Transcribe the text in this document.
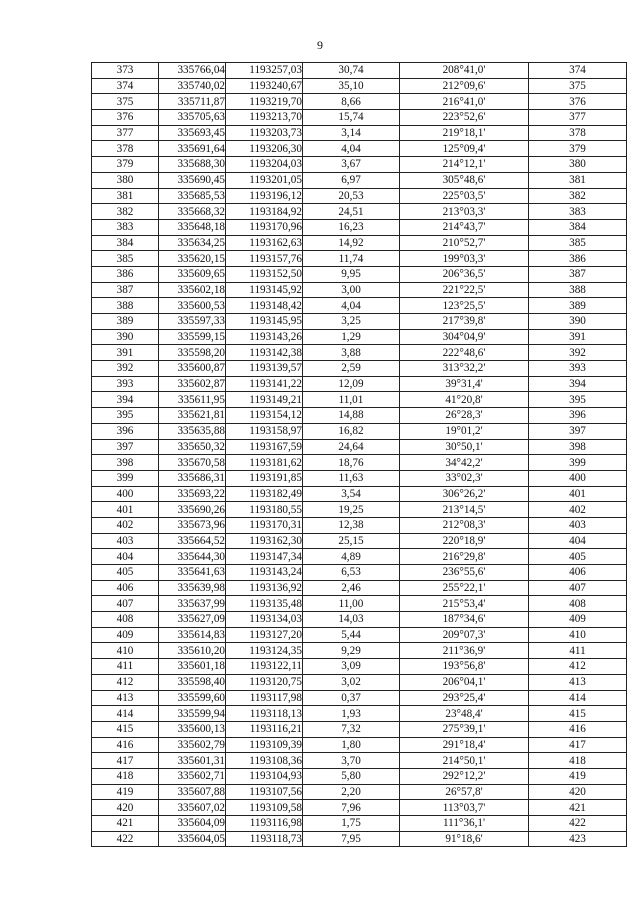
9
373	335766,04	1193257,03	30,74	208°41,0'	374
374	335740,02	1193240,67	35,10	212°09,6'	375
375	335711,87	1193219,70	8,66	216°41,0'	376
376	335705,63	1193213,70	15,74	223°52,6'	377
377	335693,45	1193203,73	3,14	219°18,1'	378
378	335691,64	1193206,30	4,04	125°09,4'	379
379	335688,30	1193204,03	3,67	214°12,1'	380
380	335690,45	1193201,05	6,97	305°48,6'	381
381	335685,53	1193196,12	20,53	225°03,5'	382
382	335668,32	1193184,92	24,51	213°03,3'	383
383	335648,18	1193170,96	16,23	214°43,7'	384
384	335634,25	1193162,63	14,92	210°52,7'	385
385	335620,15	1193157,76	11,74	199°03,3'	386
386	335609,65	1193152,50	9,95	206°36,5'	387
387	335602,18	1193145,92	3,00	221°22,5'	388
388	335600,53	1193148,42	4,04	123°25,5'	389
389	335597,33	1193145,95	3,25	217°39,8'	390
390	335599,15	1193143,26	1,29	304°04,9'	391
391	335598,20	1193142,38	3,88	222°48,6'	392
392	335600,87	1193139,57	2,59	313°32,2'	393
393	335602,87	1193141,22	12,09	39°31,4'	394
394	335611,95	1193149,21	11,01	41°20,8'	395
395	335621,81	1193154,12	14,88	26°28,3'	396
396	335635,88	1193158,97	16,82	19°01,2'	397
397	335650,32	1193167,59	24,64	30°50,1'	398
398	335670,58	1193181,62	18,76	34°42,2'	399
399	335686,31	1193191,85	11,63	33°02,3'	400
400	335693,22	1193182,49	3,54	306°26,2'	401
401	335690,26	1193180,55	19,25	213°14,5'	402
402	335673,96	1193170,31	12,38	212°08,3'	403
403	335664,52	1193162,30	25,15	220°18,9'	404
404	335644,30	1193147,34	4,89	216°29,8'	405
405	335641,63	1193143,24	6,53	236°55,6'	406
406	335639,98	1193136,92	2,46	255°22,1'	407
407	335637,99	1193135,48	11,00	215°53,4'	408
408	335627,09	1193134,03	14,03	187°34,6'	409
409	335614,83	1193127,20	5,44	209°07,3'	410
410	335610,20	1193124,35	9,29	211°36,9'	411
411	335601,18	1193122,11	3,09	193°56,8'	412
412	335598,40	1193120,75	3,02	206°04,1'	413
413	335599,60	1193117,98	0,37	293°25,4'	414
414	335599,94	1193118,13	1,93	23°48,4'	415
415	335600,13	1193116,21	7,32	275°39,1'	416
416	335602,79	1193109,39	1,80	291°18,4'	417
417	335601,31	1193108,36	3,70	214°50,1'	418
418	335602,71	1193104,93	5,80	292°12,2'	419
419	335607,88	1193107,56	2,20	26°57,8'	420
420	335607,02	1193109,58	7,96	113°03,7'	421
421	335604,09	1193116,98	1,75	111°36,1'	422
422	335604,05	1193118,73	7,95	91°18,6'	423
